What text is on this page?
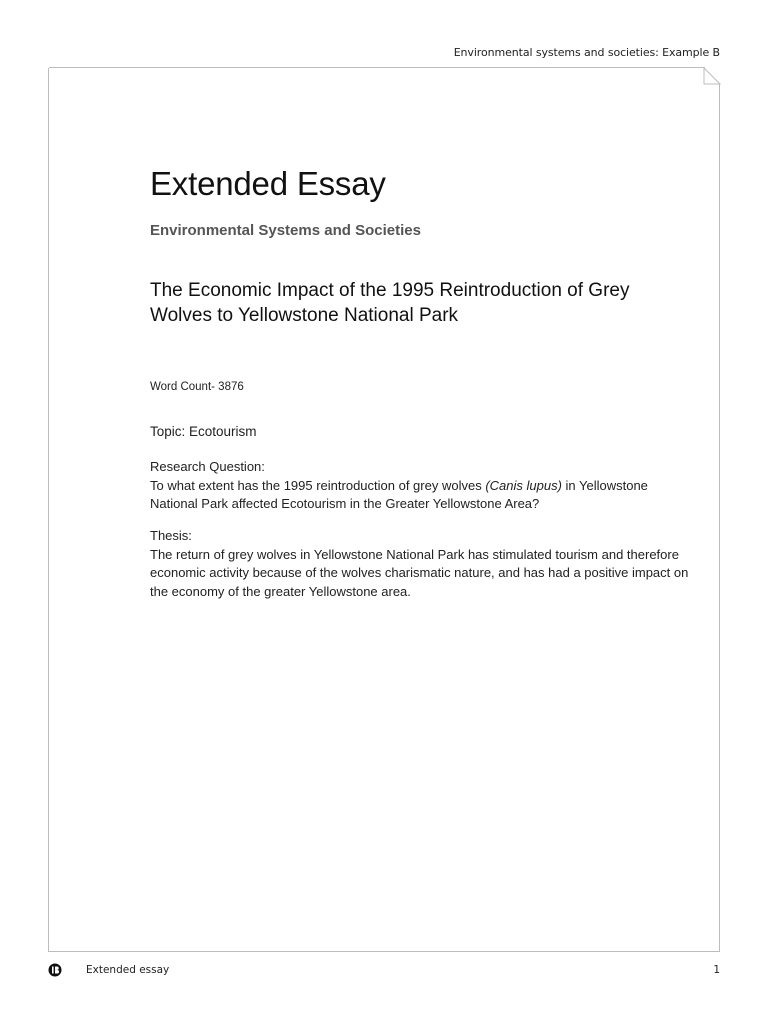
Environmental systems and societies: Example B
Extended Essay
Environmental Systems and Societies
The Economic Impact of the 1995 Reintroduction of Grey Wolves to Yellowstone National Park
Word Count- 3876
Topic: Ecotourism
Research Question:
To what extent has the 1995 reintroduction of grey wolves (Canis lupus) in Yellowstone National Park affected Ecotourism in the Greater Yellowstone Area?
Thesis:
The return of grey wolves in Yellowstone National Park has stimulated tourism and therefore economic activity because of the wolves charismatic nature, and has had a positive impact on the economy of the greater Yellowstone area.
Extended essay	1
